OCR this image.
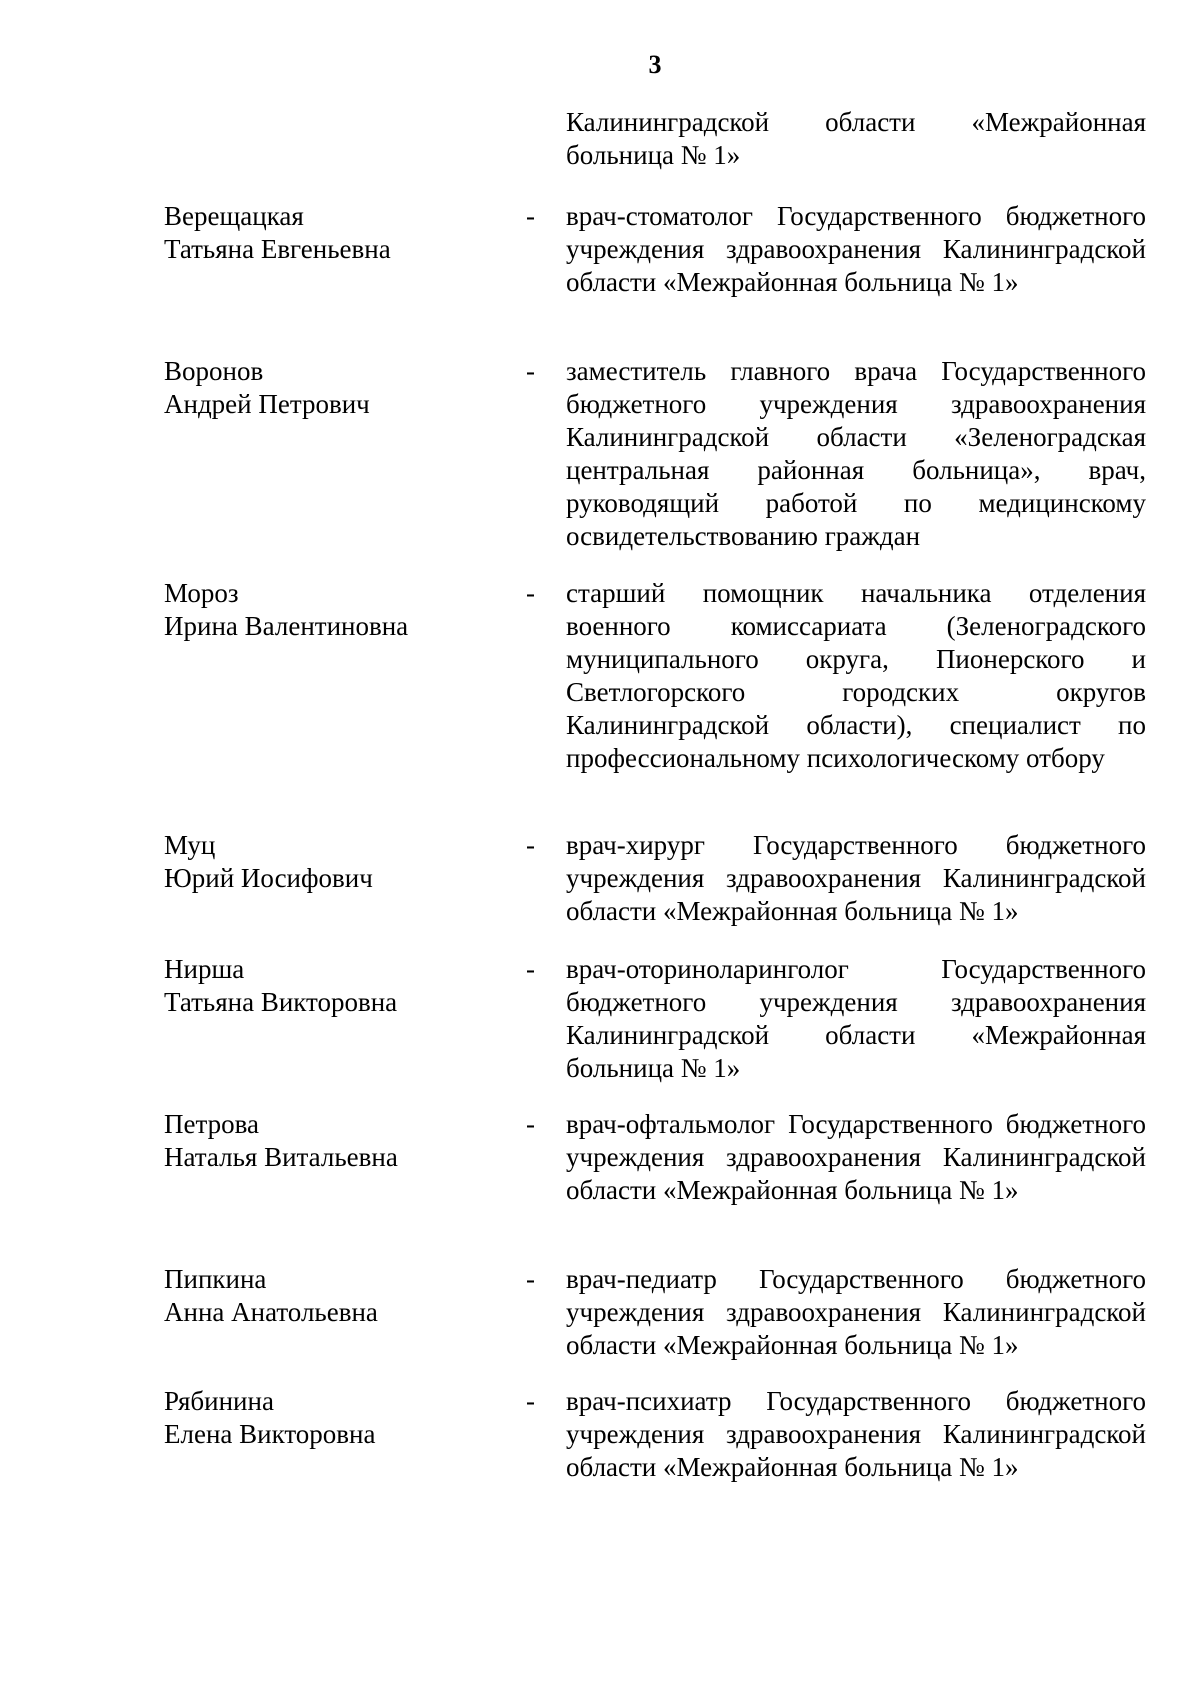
3
Калининградской области «Межрайонная больница № 1»
Верещацкая
Татьяна Евгеньевна
- врач-стоматолог Государственного бюджетного учреждения здравоохранения Калининградской области «Межрайонная больница № 1»
Воронов
Андрей Петрович
- заместитель главного врача Государственного бюджетного учреждения здравоохранения Калининградской области «Зеленоградская центральная районная больница», врач, руководящий работой по медицинскому освидетельствованию граждан
Мороз
Ирина Валентиновна
- старший помощник начальника отделения военного комиссариата (Зеленоградского муниципального округа, Пионерского и Светлогорского городских округов Калининградской области), специалист по профессиональному психологическому отбору
Муц
Юрий Иосифович
- врач-хирург Государственного бюджетного учреждения здравоохранения Калининградской области «Межрайонная больница № 1»
Нирша
Татьяна Викторовна
- врач-оториноларинголог Государственного бюджетного учреждения здравоохранения Калининградской области «Межрайонная больница № 1»
Петрова
Наталья Витальевна
- врач-офтальмолог Государственного бюджетного учреждения здравоохранения Калининградской области «Межрайонная больница № 1»
Пипкина
Анна Анатольевна
- врач-педиатр Государственного бюджетного учреждения здравоохранения Калининградской области «Межрайонная больница № 1»
Рябинина
Елена Викторовна
- врач-психиатр Государственного бюджетного учреждения здравоохранения Калининградской области «Межрайонная больница № 1»
